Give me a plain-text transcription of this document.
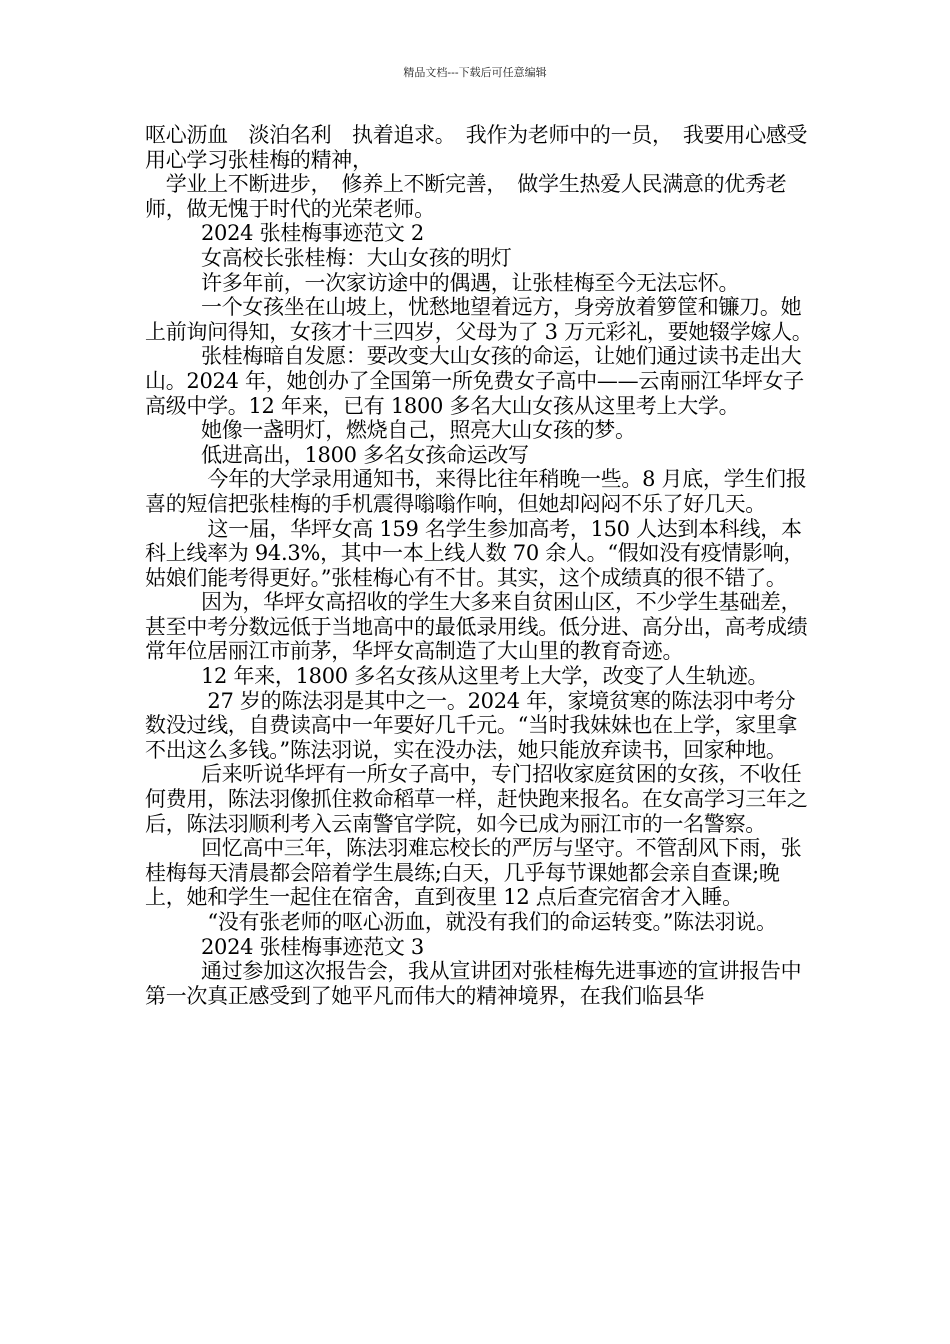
精品文档---下载后可任意编辑

呕心沥血　淡泊名利　执着追求。　我作为老师中的一员，　我要用心感受　用心学习张桂梅的精神，

　学业上不断进步，　修养上不断完善，　做学生热爱人民满意的优秀老师，做无愧于时代的光荣老师。

2024 张桂梅事迹范文 2

女高校长张桂梅：大山女孩的明灯

许多年前，一次家访途中的偶遇，让张桂梅至今无法忘怀。

一个女孩坐在山坡上，忧愁地望着远方，身旁放着箩筐和镰刀。她上前询问得知，女孩才十三四岁，父母为了 3 万元彩礼，要她辍学嫁人。

张桂梅暗自发愿：要改变大山女孩的命运，让她们通过读书走出大山。2024 年，她创办了全国第一所免费女子高中——云南丽江华坪女子高级中学。12 年来，已有 1800 多名大山女孩从这里考上大学。

她像一盏明灯，燃烧自己，照亮大山女孩的梦。

低进高出，1800 多名女孩命运改写

今年的大学录用通知书，来得比往年稍晚一些。8 月底，学生们报喜的短信把张桂梅的手机震得嗡嗡作响，但她却闷闷不乐了好几天。

这一届，华坪女高 159 名学生参加高考，150 人达到本科线，本科上线率为 94.3%，其中一本上线人数 70 余人。“假如没有疫情影响，姑娘们能考得更好。”张桂梅心有不甘。其实，这个成绩真的很不错了。

因为，华坪女高招收的学生大多来自贫困山区，不少学生基础差，甚至中考分数远低于当地高中的最低录用线。低分进、高分出，高考成绩常年位居丽江市前茅，华坪女高制造了大山里的教育奇迹。

12 年来，1800 多名女孩从这里考上大学，改变了人生轨迹。

27 岁的陈法羽是其中之一。2024 年，家境贫寒的陈法羽中考分数没过线，自费读高中一年要好几千元。“当时我妹妹也在上学，家里拿不出这么多钱。”陈法羽说，实在没办法，她只能放弃读书，回家种地。

后来听说华坪有一所女子高中，专门招收家庭贫困的女孩，不收任何费用，陈法羽像抓住救命稻草一样，赶快跑来报名。在女高学习三年之后，陈法羽顺利考入云南警官学院，如今已成为丽江市的一名警察。

回忆高中三年，陈法羽难忘校长的严厉与坚守。不管刮风下雨，张桂梅每天清晨都会陪着学生晨练;白天，几乎每节课她都会亲自查课;晚上，她和学生一起住在宿舍，直到夜里 12 点后查完宿舍才入睡。

“没有张老师的呕心沥血，就没有我们的命运转变。”陈法羽说。

2024 张桂梅事迹范文 3

通过参加这次报告会，我从宣讲团对张桂梅先进事迹的宣讲报告中第一次真正感受到了她平凡而伟大的精神境界，在我们临县华
